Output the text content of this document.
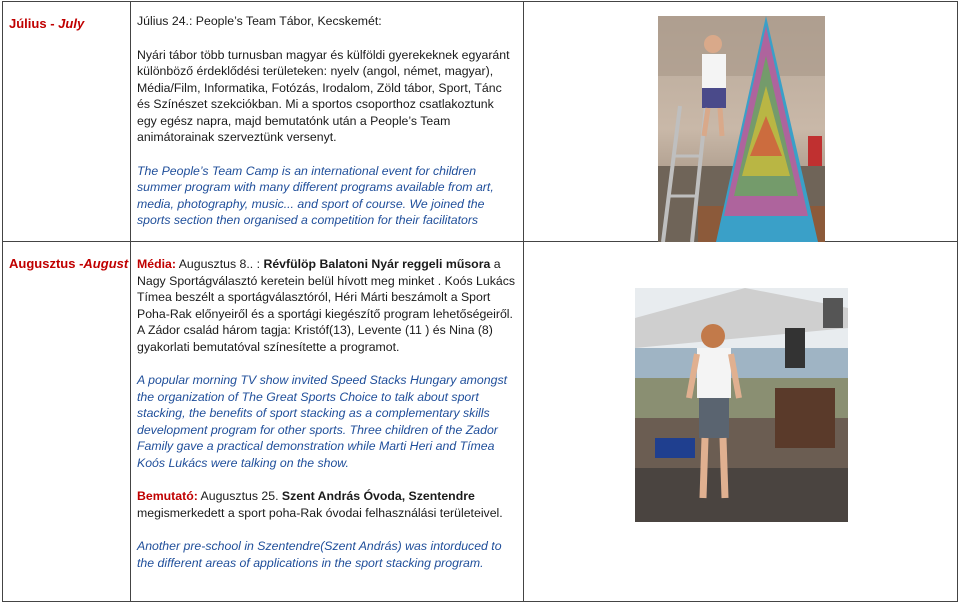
Július - July	Július 24.: People’s Team Tábor, Kecskemét:

Nyári tábor több turnusban magyar és külföldi gyerekeknek egyaránt különböző érdeklődési területeken: nyelv (angol, német, magyar), Média/Film, Informatika, Fotózás, Irodalom, Zöld tábor, Sport, Tánc és Színészet szekciókban. Mi a sportos csoporthoz csatlakoztunk egy egész napra, majd bemutatónk után a People’s Team animátorainak szerveztünk versenyt.

The People’s Team Camp is an international event for children summer program with many different programs available from art, media, photography, music... and sport of course. We joined the sports section then organised a competition for their facilitators

Augusztus -August	Média: Augusztus 8.. : Révfülöp Balatoni Nyár reggeli műsora a Nagy Sportágválasztó keretein belül hívott meg minket . Koós Lukács Tímea beszélt a sportágválasztóról, Héri Márti beszámolt a Sport Poha-Rak előnyeiről és a sportági kiegészítő program lehetőségeiről. A Zádor család három tagja: Kristóf(13), Levente (11 ) és Nina (8) gyakorlati bemutatóval színesítette a programot.

A popular morning TV show invited Speed Stacks Hungary amongst the organization of The Great Sports Choice to talk about sport stacking, the benefits of sport stacking as a complementary skills development program for other sports. Three children of the Zador Family gave a practical demonstration while Marti Heri and Tímea Koós Lukács were talking on the show.

Bemutató: Augusztus 25. Szent András Óvoda, Szentendre megismerkedett a sport poha-Rak óvodai felhasználási területeivel.

Another pre-school in Szentendre(Szent András) was intorduced to the different areas of applications in the sport stacking program.
